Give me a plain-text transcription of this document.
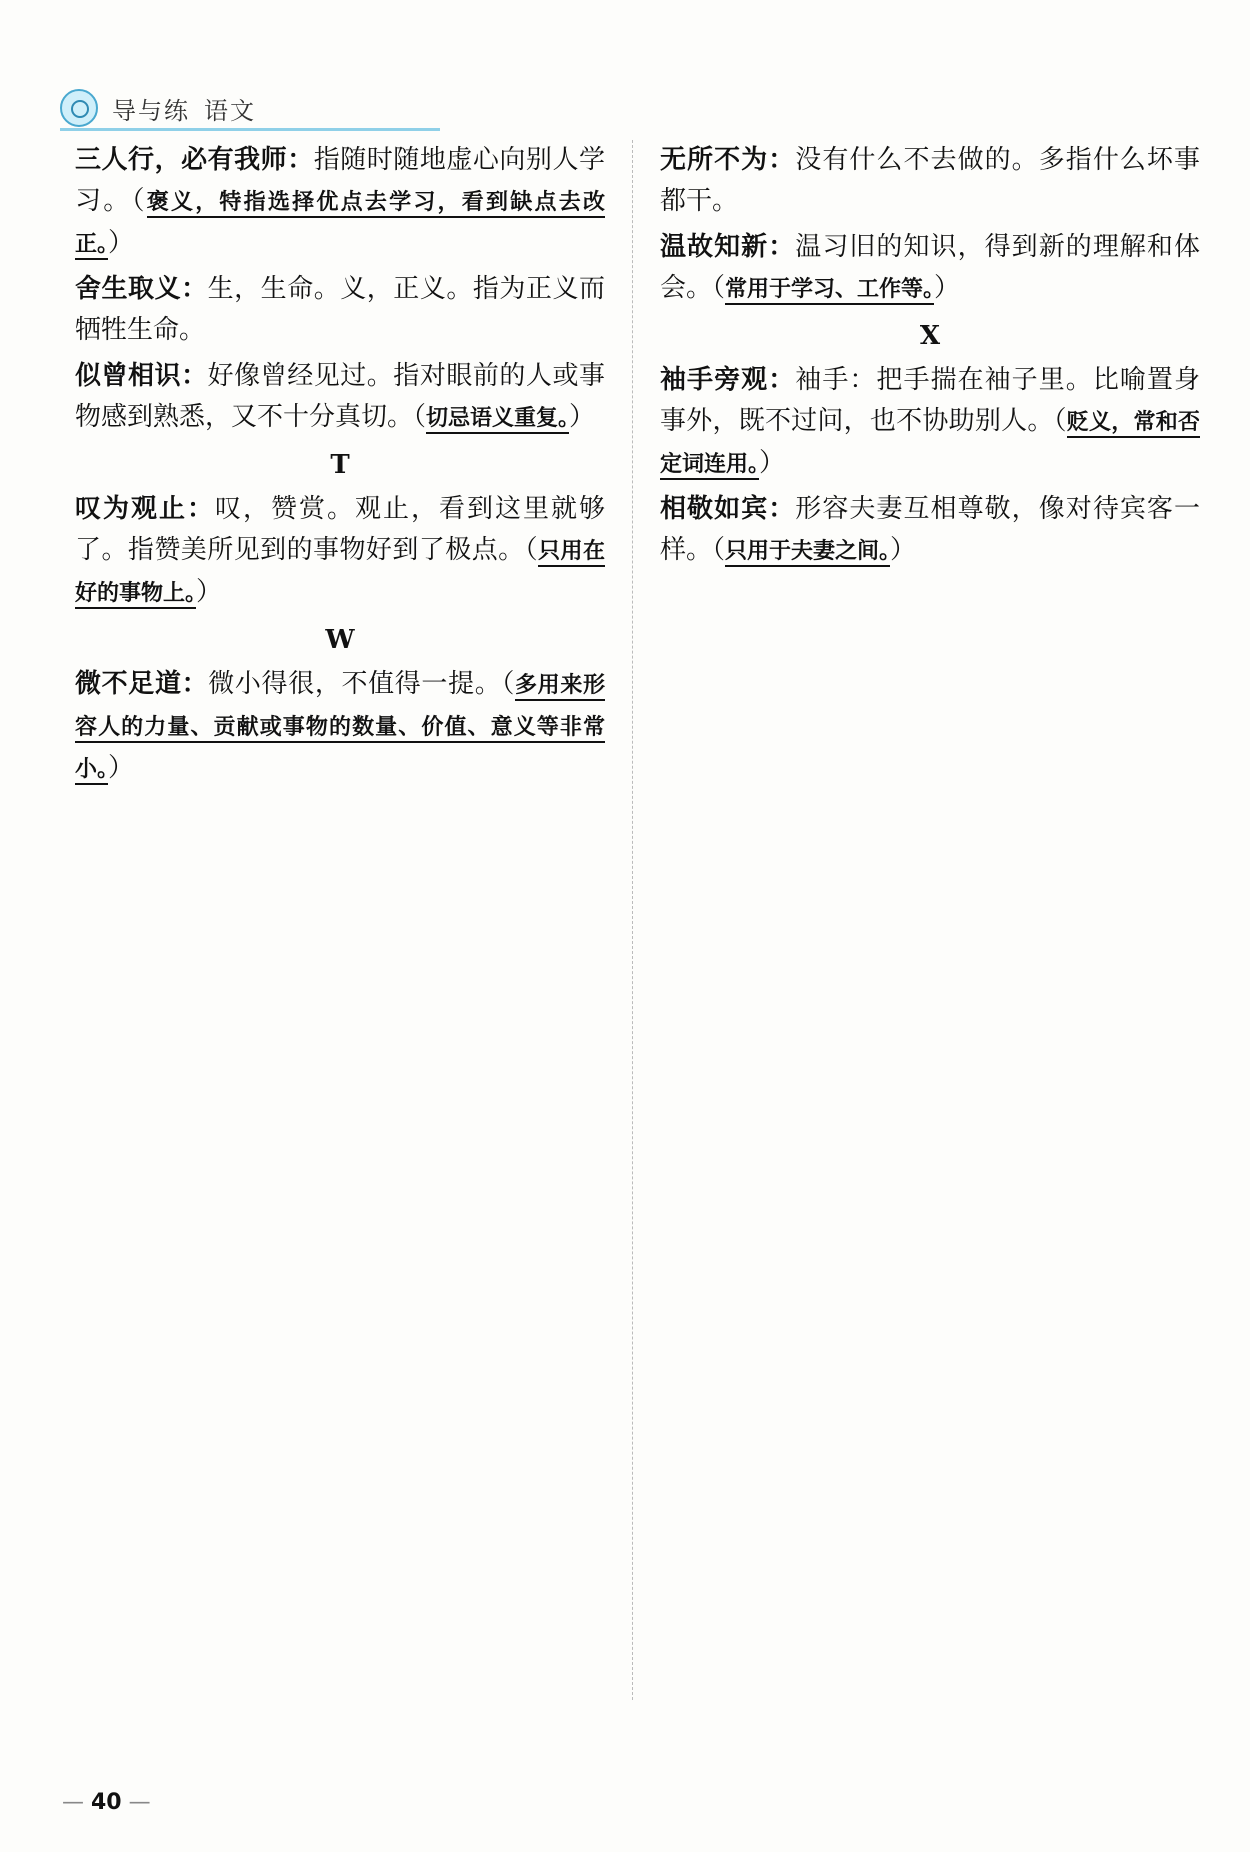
导与练 语文

三人行，必有我师：指随时随地虚心向别人学习。（褒义，特指选择优点去学习，看到缺点去改正。）

舍生取义：生，生命。义，正义。指为正义而牺牲生命。

似曾相识：好像曾经见过。指对眼前的人或事物感到熟悉，又不十分真切。（切忌语义重复。）

T

叹为观止：叹，赞赏。观止，看到这里就够了。指赞美所见到的事物好到了极点。（只用在好的事物上。）

W

微不足道：微小得很，不值得一提。（多用来形容人的力量、贡献或事物的数量、价值、意义等非常小。）

无所不为：没有什么不去做的。多指什么坏事都干。

温故知新：温习旧的知识，得到新的理解和体会。（常用于学习、工作等。）

X

袖手旁观：袖手：把手揣在袖子里。比喻置身事外，既不过问，也不协助别人。（贬义，常和否定词连用。）

相敬如宾：形容夫妻互相尊敬，像对待宾客一样。（只用于夫妻之间。）

— 40 —
